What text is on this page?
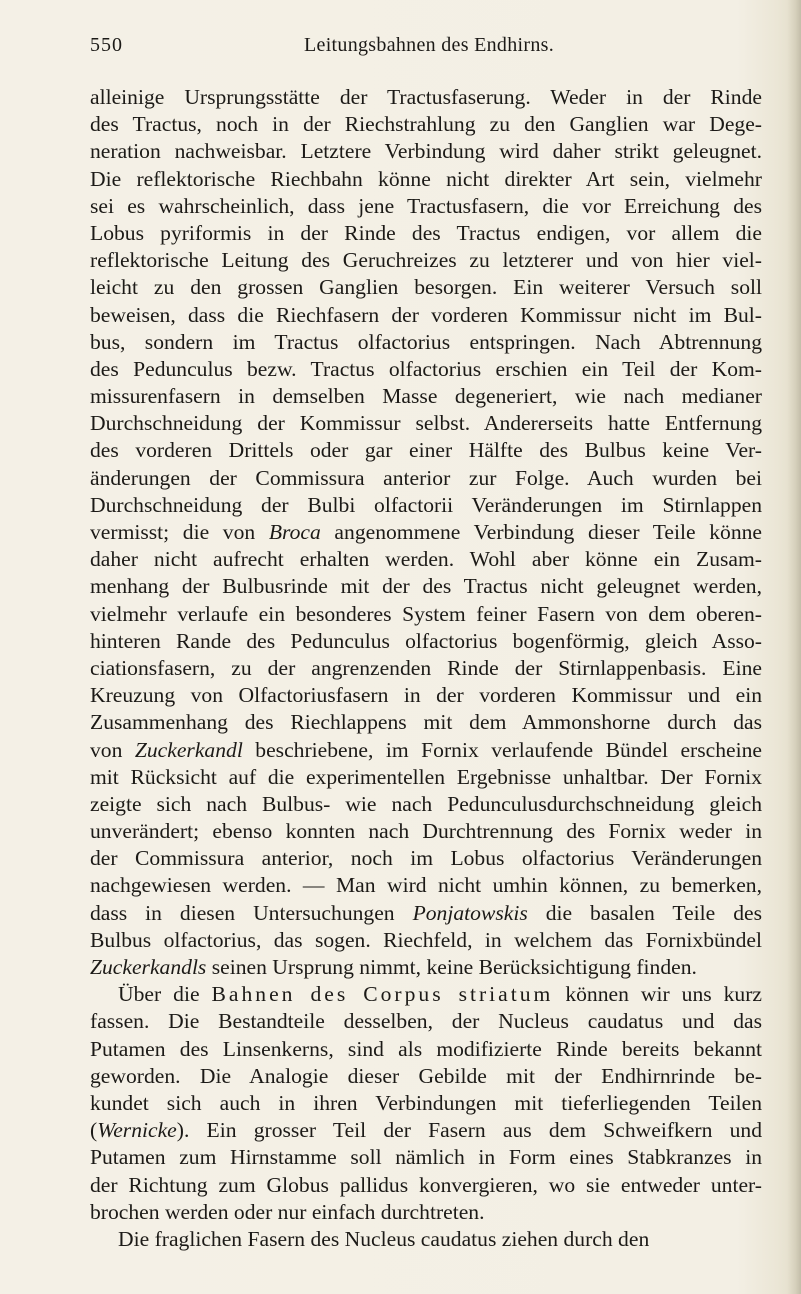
550	Leitungsbahnen des Endhirns.
alleinige Ursprungsstätte der Tractusfaserung. Weder in der Rinde
des Tractus, noch in der Riechstrahlung zu den Ganglien war Dege-
neration nachweisbar. Letztere Verbindung wird daher strikt geleugnet.
Die reflektorische Riechbahn könne nicht direkter Art sein, vielmehr
sei es wahrscheinlich, dass jene Tractusfasern, die vor Erreichung des
Lobus pyriformis in der Rinde des Tractus endigen, vor allem die
reflektorische Leitung des Geruchreizes zu letzterer und von hier viel-
leicht zu den grossen Ganglien besorgen. Ein weiterer Versuch soll
beweisen, dass die Riechfasern der vorderen Kommissur nicht im Bul-
bus, sondern im Tractus olfactorius entspringen. Nach Abtrennung
des Pedunculus bezw. Tractus olfactorius erschien ein Teil der Kom-
missurenfasern in demselben Masse degeneriert, wie nach medianer
Durchschneidung der Kommissur selbst. Andererseits hatte Entfernung
des vorderen Drittels oder gar einer Hälfte des Bulbus keine Ver-
änderungen der Commissura anterior zur Folge. Auch wurden bei
Durchschneidung der Bulbi olfactorii Veränderungen im Stirnlappen
vermisst; die von Broca angenommene Verbindung dieser Teile könne
daher nicht aufrecht erhalten werden. Wohl aber könne ein Zusam-
menhang der Bulbusrinde mit der des Tractus nicht geleugnet werden,
vielmehr verlaufe ein besonderes System feiner Fasern von dem oberen-
hinteren Rande des Pedunculus olfactorius bogenförmig, gleich Asso-
ciationsfasern, zu der angrenzenden Rinde der Stirnlappenbasis. Eine
Kreuzung von Olfactoriusfasern in der vorderen Kommissur und ein
Zusammenhang des Riechlappens mit dem Ammonshorne durch das
von Zuckerkandl beschriebene, im Fornix verlaufende Bündel erscheine
mit Rücksicht auf die experimentellen Ergebnisse unhaltbar. Der Fornix
zeigte sich nach Bulbus- wie nach Pedunculusdurchschneidung gleich
unverändert; ebenso konnten nach Durchtrennung des Fornix weder in
der Commissura anterior, noch im Lobus olfactorius Veränderungen
nachgewiesen werden. — Man wird nicht umhin können, zu bemerken,
dass in diesen Untersuchungen Ponjatowskis die basalen Teile des
Bulbus olfactorius, das sogen. Riechfeld, in welchem das Fornixbündel
Zuckerkandls seinen Ursprung nimmt, keine Berücksichtigung finden.
Über die Bahnen des Corpus striatum können wir uns kurz
fassen. Die Bestandteile desselben, der Nucleus caudatus und das
Putamen des Linsenkerns, sind als modifizierte Rinde bereits bekannt
geworden. Die Analogie dieser Gebilde mit der Endhirnrinde be-
kundet sich auch in ihren Verbindungen mit tieferliegenden Teilen
(Wernicke). Ein grosser Teil der Fasern aus dem Schweifkern und
Putamen zum Hirnstamme soll nämlich in Form eines Stabkranzes in
der Richtung zum Globus pallidus konvergieren, wo sie entweder unter-
brochen werden oder nur einfach durchtreten.
Die fraglichen Fasern des Nucleus caudatus ziehen durch den
